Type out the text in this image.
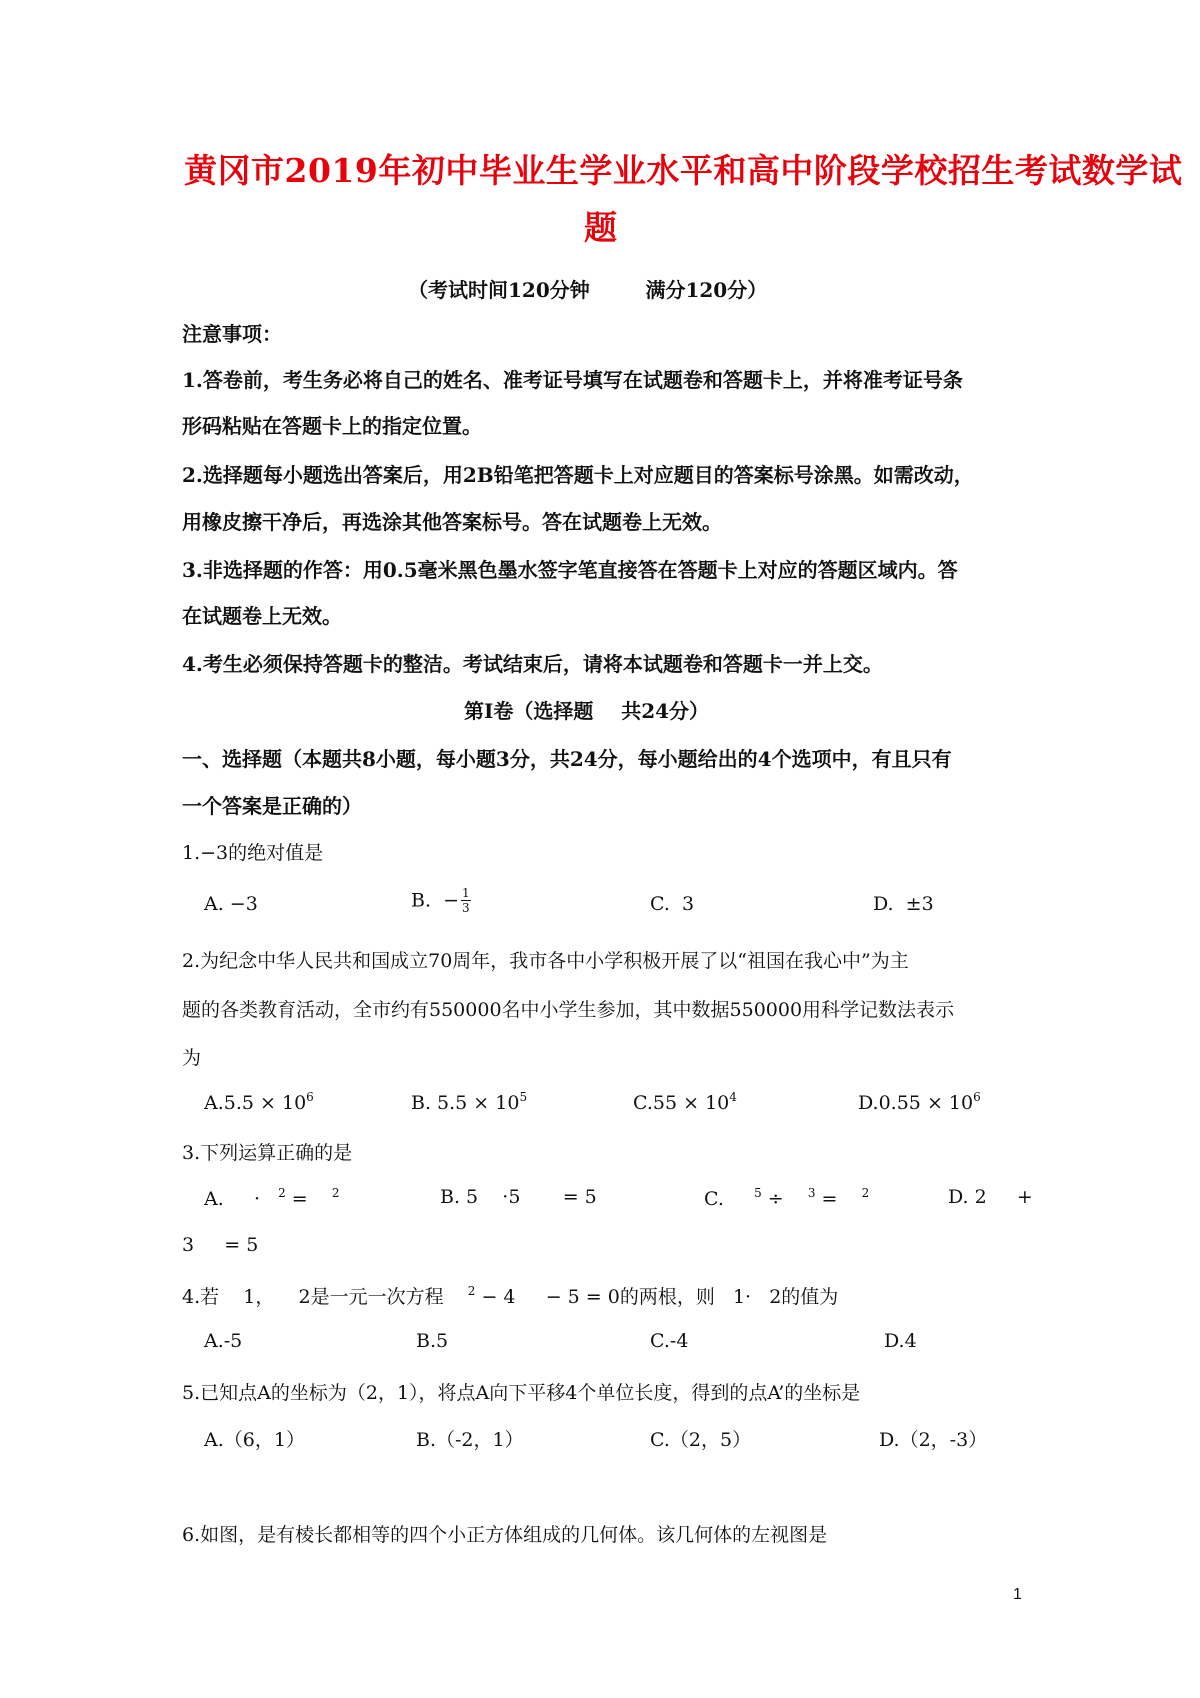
黄冈市2019年初中毕业生学业水平和高中阶段学校招生考试数学试
题
（考试时间120分钟        满分120分）
注意事项：
1.答卷前，考生务必将自己的姓名、准考证号填写在试题卷和答题卡上，并将准考证号条
形码粘贴在答题卡上的指定位置。
2.选择题每小题选出答案后，用2B铅笔把答题卡上对应题目的答案标号涂黑。如需改动，
用橡皮擦干净后，再选涂其他答案标号。答在试题卷上无效。
3.非选择题的作答：用0.5毫米黑色墨水签字笔直接答在答题卡上对应的答题区域内。答
在试题卷上无效。
4.考生必须保持答题卡的整洁。考试结束后，请将本试题卷和答题卡一并上交。
第Ⅰ卷（选择题    共24分）
一、选择题（本题共8小题，每小题3分，共24分，每小题给出的4个选项中，有且只有
一个答案是正确的）
1.−3的绝对值是
A. −3	B.  − $\frac{1}{3}$	C.  3	D.  ±3
2.为纪念中华人民共和国成立70周年，我市各中小学积极开展了以“祖国在我心中”为主
题的各类教育活动，全市约有550000名中小学生参加，其中数据550000用科学记数法表示
为
$A.5.5 \times 10^6$	B. $5.5 \times 10^5$	$C.55 \times 10^4$	$D.0.55 \times 10^6$
3.下列运算正确的是
A.     ·   $^2$ =    $^2$	B. 5    ·5       = 5	C.     $^5$ ÷    $^3$ =    $^2$	D. 2     +
3     = 5
4.若    1，    2是一元一次方程    $^2$ − 4     − 5 = 0的两根，则   1·   2的值为
A.-5	B.5	C.-4	D.4
5.已知点A的坐标为（2，1），将点A向下平移4个单位长度，得到的点A’的坐标是
A.（6，1）	B.（-2，1）	C.（2，5）	D.（2，-3）
6.如图，是有棱长都相等的四个小正方体组成的几何体。该几何体的左视图是
1
